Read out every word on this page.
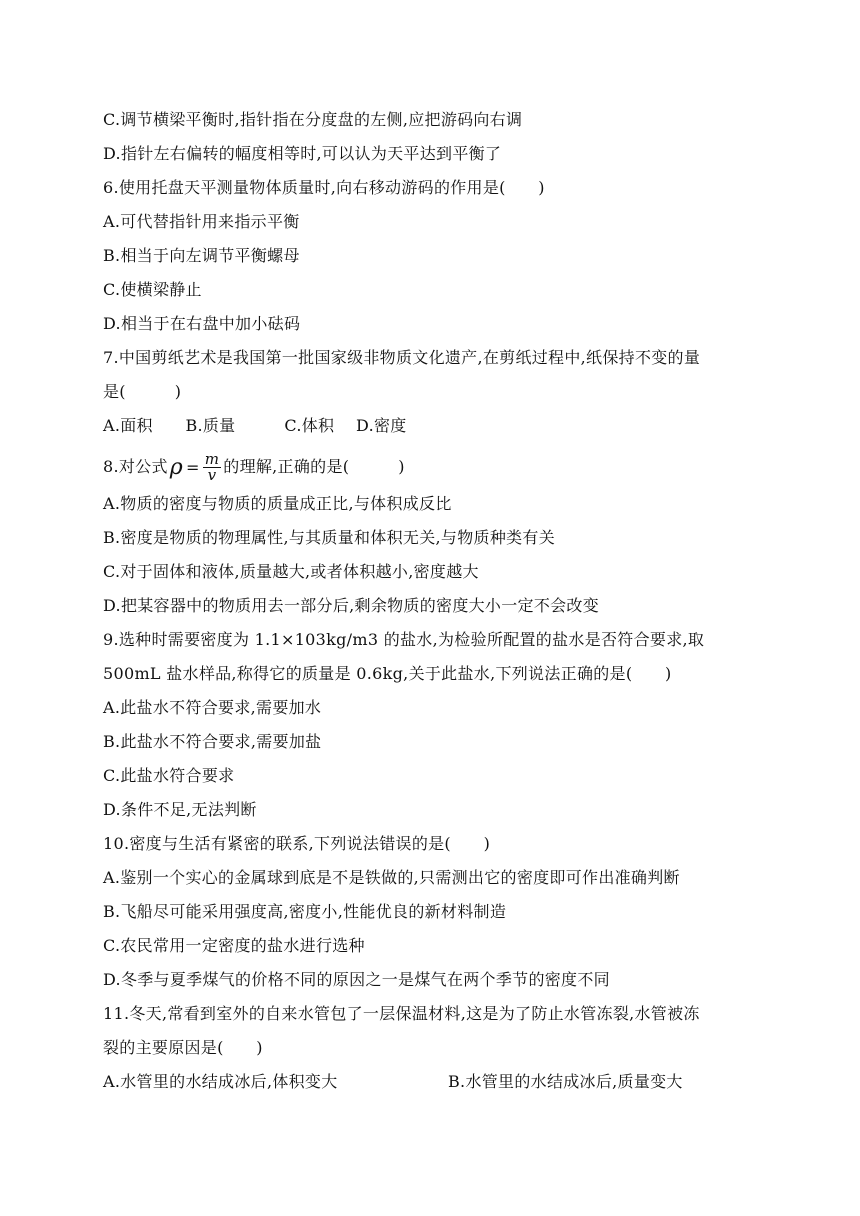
C.调节横梁平衡时,指针指在分度盘的左侧,应把游码向右调
D.指针左右偏转的幅度相等时,可以认为天平达到平衡了
6.使用托盘天平测量物体质量时,向右移动游码的作用是(　　)
A.可代替指针用来指示平衡
B.相当于向左调节平衡螺母
C.使横梁静止
D.相当于在右盘中加小砝码
7.中国剪纸艺术是我国第一批国家级非物质文化遗产,在剪纸过程中,纸保持不变的量
是(　　　)
A.面积　　B.质量　　　C.体积　 D.密度
8.对公式 $\rho = \frac{m}{v}$ 的理解,正确的是(　　　)
A.物质的密度与物质的质量成正比,与体积成反比
B.密度是物质的物理属性,与其质量和体积无关,与物质种类有关
C.对于固体和液体,质量越大,或者体积越小,密度越大
D.把某容器中的物质用去一部分后,剩余物质的密度大小一定不会改变
9.选种时需要密度为 1.1×103kg/m3 的盐水,为检验所配置的盐水是否符合要求,取
500mL 盐水样品,称得它的质量是 0.6kg,关于此盐水,下列说法正确的是(　　)
A.此盐水不符合要求,需要加水
B.此盐水不符合要求,需要加盐
C.此盐水符合要求
D.条件不足,无法判断
10.密度与生活有紧密的联系,下列说法错误的是(　　)
A.鉴别一个实心的金属球到底是不是铁做的,只需测出它的密度即可作出准确判断
B.飞船尽可能采用强度高,密度小,性能优良的新材料制造
C.农民常用一定密度的盐水进行选种
D.冬季与夏季煤气的价格不同的原因之一是煤气在两个季节的密度不同
11.冬天,常看到室外的自来水管包了一层保温材料,这是为了防止水管冻裂,水管被冻
裂的主要原因是(　　)
A.水管里的水结成冰后,体积变大	B.水管里的水结成冰后,质量变大
